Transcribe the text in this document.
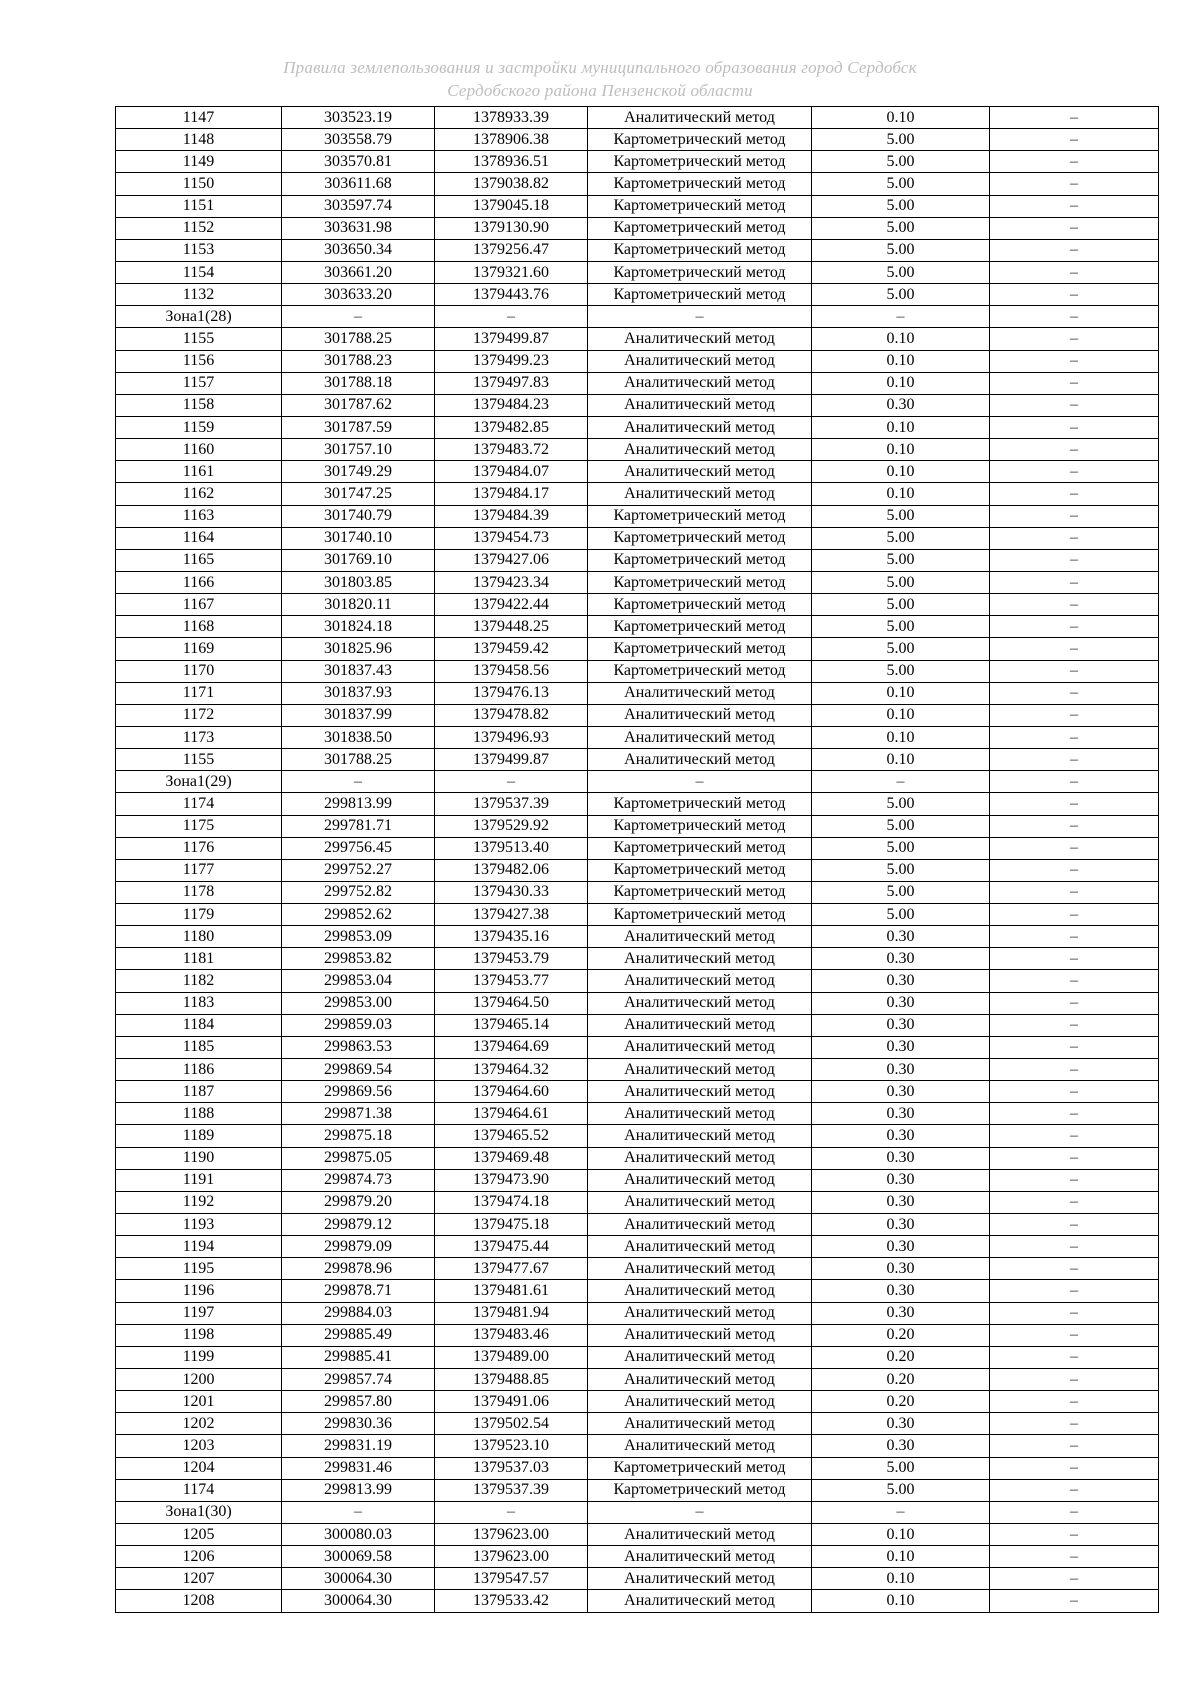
Правила землепользования и застройки муниципального образования город Сердобск
Сердобского района Пензенской области
1147	303523.19	1378933.39	Аналитический метод	0.10	–
1148	303558.79	1378906.38	Картометрический метод	5.00	–
1149	303570.81	1378936.51	Картометрический метод	5.00	–
1150	303611.68	1379038.82	Картометрический метод	5.00	–
1151	303597.74	1379045.18	Картометрический метод	5.00	–
1152	303631.98	1379130.90	Картометрический метод	5.00	–
1153	303650.34	1379256.47	Картометрический метод	5.00	–
1154	303661.20	1379321.60	Картометрический метод	5.00	–
1132	303633.20	1379443.76	Картометрический метод	5.00	–
Зона1(28)	–	–	–	–	–
1155	301788.25	1379499.87	Аналитический метод	0.10	–
1156	301788.23	1379499.23	Аналитический метод	0.10	–
1157	301788.18	1379497.83	Аналитический метод	0.10	–
1158	301787.62	1379484.23	Аналитический метод	0.30	–
1159	301787.59	1379482.85	Аналитический метод	0.10	–
1160	301757.10	1379483.72	Аналитический метод	0.10	–
1161	301749.29	1379484.07	Аналитический метод	0.10	–
1162	301747.25	1379484.17	Аналитический метод	0.10	–
1163	301740.79	1379484.39	Картометрический метод	5.00	–
1164	301740.10	1379454.73	Картометрический метод	5.00	–
1165	301769.10	1379427.06	Картометрический метод	5.00	–
1166	301803.85	1379423.34	Картометрический метод	5.00	–
1167	301820.11	1379422.44	Картометрический метод	5.00	–
1168	301824.18	1379448.25	Картометрический метод	5.00	–
1169	301825.96	1379459.42	Картометрический метод	5.00	–
1170	301837.43	1379458.56	Картометрический метод	5.00	–
1171	301837.93	1379476.13	Аналитический метод	0.10	–
1172	301837.99	1379478.82	Аналитический метод	0.10	–
1173	301838.50	1379496.93	Аналитический метод	0.10	–
1155	301788.25	1379499.87	Аналитический метод	0.10	–
Зона1(29)	–	–	–	–	–
1174	299813.99	1379537.39	Картометрический метод	5.00	–
1175	299781.71	1379529.92	Картометрический метод	5.00	–
1176	299756.45	1379513.40	Картометрический метод	5.00	–
1177	299752.27	1379482.06	Картометрический метод	5.00	–
1178	299752.82	1379430.33	Картометрический метод	5.00	–
1179	299852.62	1379427.38	Картометрический метод	5.00	–
1180	299853.09	1379435.16	Аналитический метод	0.30	–
1181	299853.82	1379453.79	Аналитический метод	0.30	–
1182	299853.04	1379453.77	Аналитический метод	0.30	–
1183	299853.00	1379464.50	Аналитический метод	0.30	–
1184	299859.03	1379465.14	Аналитический метод	0.30	–
1185	299863.53	1379464.69	Аналитический метод	0.30	–
1186	299869.54	1379464.32	Аналитический метод	0.30	–
1187	299869.56	1379464.60	Аналитический метод	0.30	–
1188	299871.38	1379464.61	Аналитический метод	0.30	–
1189	299875.18	1379465.52	Аналитический метод	0.30	–
1190	299875.05	1379469.48	Аналитический метод	0.30	–
1191	299874.73	1379473.90	Аналитический метод	0.30	–
1192	299879.20	1379474.18	Аналитический метод	0.30	–
1193	299879.12	1379475.18	Аналитический метод	0.30	–
1194	299879.09	1379475.44	Аналитический метод	0.30	–
1195	299878.96	1379477.67	Аналитический метод	0.30	–
1196	299878.71	1379481.61	Аналитический метод	0.30	–
1197	299884.03	1379481.94	Аналитический метод	0.30	–
1198	299885.49	1379483.46	Аналитический метод	0.20	–
1199	299885.41	1379489.00	Аналитический метод	0.20	–
1200	299857.74	1379488.85	Аналитический метод	0.20	–
1201	299857.80	1379491.06	Аналитический метод	0.20	–
1202	299830.36	1379502.54	Аналитический метод	0.30	–
1203	299831.19	1379523.10	Аналитический метод	0.30	–
1204	299831.46	1379537.03	Картометрический метод	5.00	–
1174	299813.99	1379537.39	Картометрический метод	5.00	–
Зона1(30)	–	–	–	–	–
1205	300080.03	1379623.00	Аналитический метод	0.10	–
1206	300069.58	1379623.00	Аналитический метод	0.10	–
1207	300064.30	1379547.57	Аналитический метод	0.10	–
1208	300064.30	1379533.42	Аналитический метод	0.10	–
